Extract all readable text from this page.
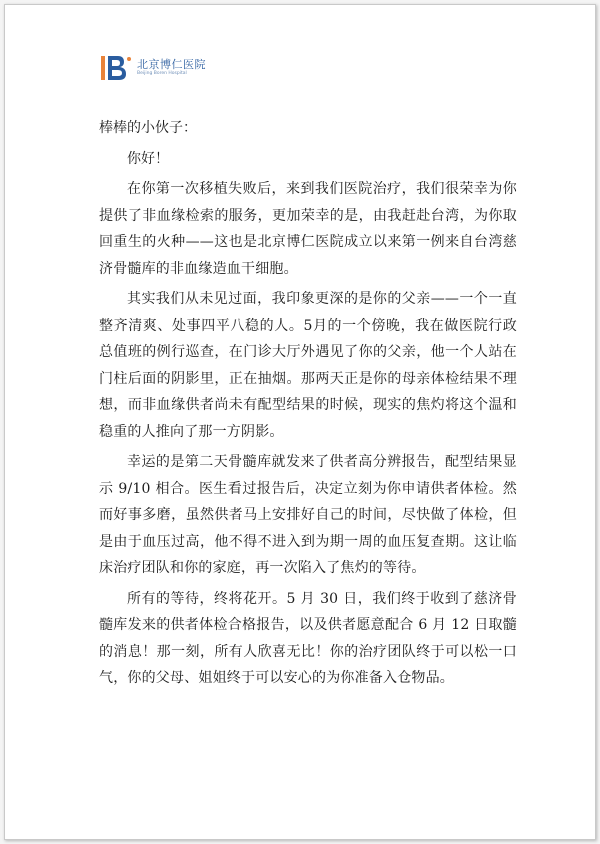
北京博仁医院
Beijing Boren Hospital

棒棒的小伙子：

你好！

在你第一次移植失败后，来到我们医院治疗，我们很荣幸为你提供了非血缘检索的服务，更加荣幸的是，由我赶赴台湾，为你取回重生的火种——这也是北京博仁医院成立以来第一例来自台湾慈济骨髓库的非血缘造血干细胞。

其实我们从未见过面，我印象更深的是你的父亲——一个一直整齐清爽、处事四平八稳的人。5月的一个傍晚，我在做医院行政总值班的例行巡查，在门诊大厅外遇见了你的父亲，他一个人站在门柱后面的阴影里，正在抽烟。那两天正是你的母亲体检结果不理想，而非血缘供者尚未有配型结果的时候，现实的焦灼将这个温和稳重的人推向了那一方阴影。

幸运的是第二天骨髓库就发来了供者高分辨报告，配型结果显示 9/10 相合。医生看过报告后，决定立刻为你申请供者体检。然而好事多磨，虽然供者马上安排好自己的时间，尽快做了体检，但是由于血压过高，他不得不进入到为期一周的血压复查期。这让临床治疗团队和你的家庭，再一次陷入了焦灼的等待。

所有的等待，终将花开。5 月 30 日，我们终于收到了慈济骨髓库发来的供者体检合格报告，以及供者愿意配合 6 月 12 日取髓的消息！那一刻，所有人欣喜无比！你的治疗团队终于可以松一口气，你的父母、姐姐终于可以安心的为你准备入仓物品。
